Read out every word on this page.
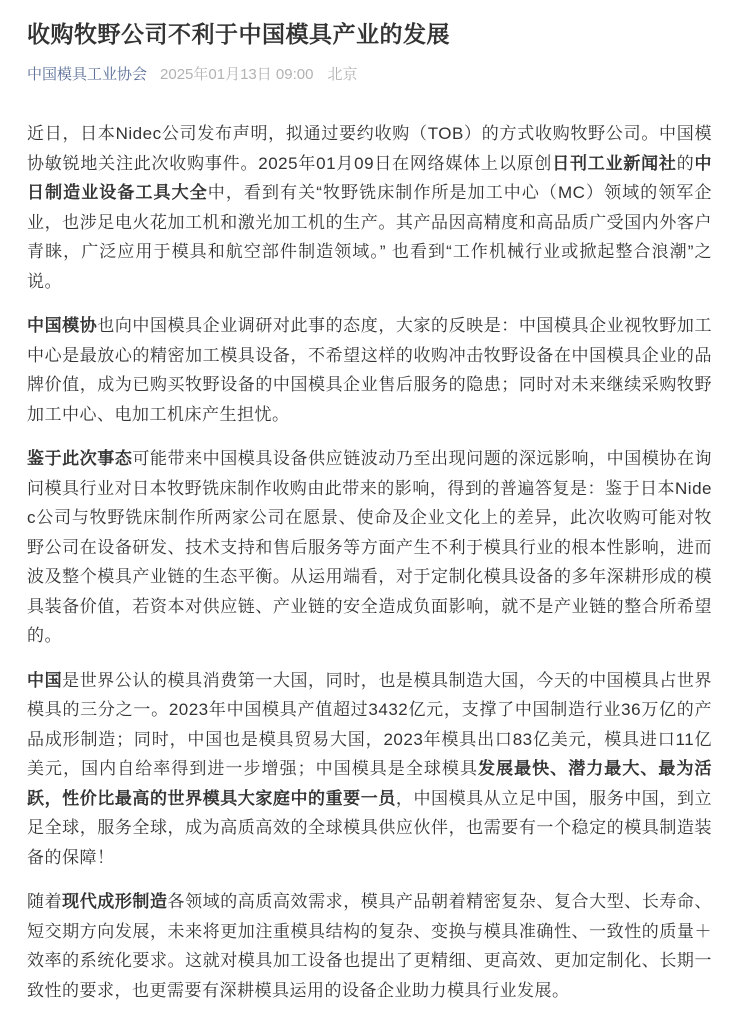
收购牧野公司不利于中国模具产业的发展
中国模具工业协会 2025年01月13日 09:00 北京

近日，日本Nidec公司发布声明，拟通过要约收购（TOB）的方式收购牧野公司。中国模协敏锐地关注此次收购事件。2025年01月09日在网络媒体上以原创日刊工业新闻社的中日制造业设备工具大全中，看到有关“牧野铣床制作所是加工中心（MC）领域的领军企业，也涉足电火花加工机和激光加工机的生产。其产品因高精度和高品质广受国内外客户青睐，广泛应用于模具和航空部件制造领域。” 也看到“工作机械行业或掀起整合浪潮”之说。

中国模协也向中国模具企业调研对此事的态度，大家的反映是：中国模具企业视牧野加工中心是最放心的精密加工模具设备，不希望这样的收购冲击牧野设备在中国模具企业的品牌价值，成为已购买牧野设备的中国模具企业售后服务的隐患；同时对未来继续采购牧野加工中心、电加工机床产生担忧。

鉴于此次事态可能带来中国模具设备供应链波动乃至出现问题的深远影响，中国模协在询问模具行业对日本牧野铣床制作收购由此带来的影响，得到的普遍答复是：鉴于日本Nidec公司与牧野铣床制作所两家公司在愿景、使命及企业文化上的差异，此次收购可能对牧野公司在设备研发、技术支持和售后服务等方面产生不利于模具行业的根本性影响，进而波及整个模具产业链的生态平衡。从运用端看，对于定制化模具设备的多年深耕形成的模具装备价值，若资本对供应链、产业链的安全造成负面影响，就不是产业链的整合所希望的。

中国是世界公认的模具消费第一大国，同时，也是模具制造大国，今天的中国模具占世界模具的三分之一。2023年中国模具产值超过3432亿元，支撑了中国制造行业36万亿的产品成形制造；同时，中国也是模具贸易大国，2023年模具出口83亿美元，模具进口11亿美元，国内自给率得到进一步增强；中国模具是全球模具发展最快、潜力最大、最为活跃，性价比最高的世界模具大家庭中的重要一员，中国模具从立足中国，服务中国，到立足全球，服务全球，成为高质高效的全球模具供应伙伴，也需要有一个稳定的模具制造装备的保障！

随着现代成形制造各领域的高质高效需求，模具产品朝着精密复杂、复合大型、长寿命、短交期方向发展，未来将更加注重模具结构的复杂、变换与模具准确性、一致性的质量＋效率的系统化要求。这就对模具加工设备也提出了更精细、更高效、更加定制化、长期一致性的要求，也更需要有深耕模具运用的设备企业助力模具行业发展。
